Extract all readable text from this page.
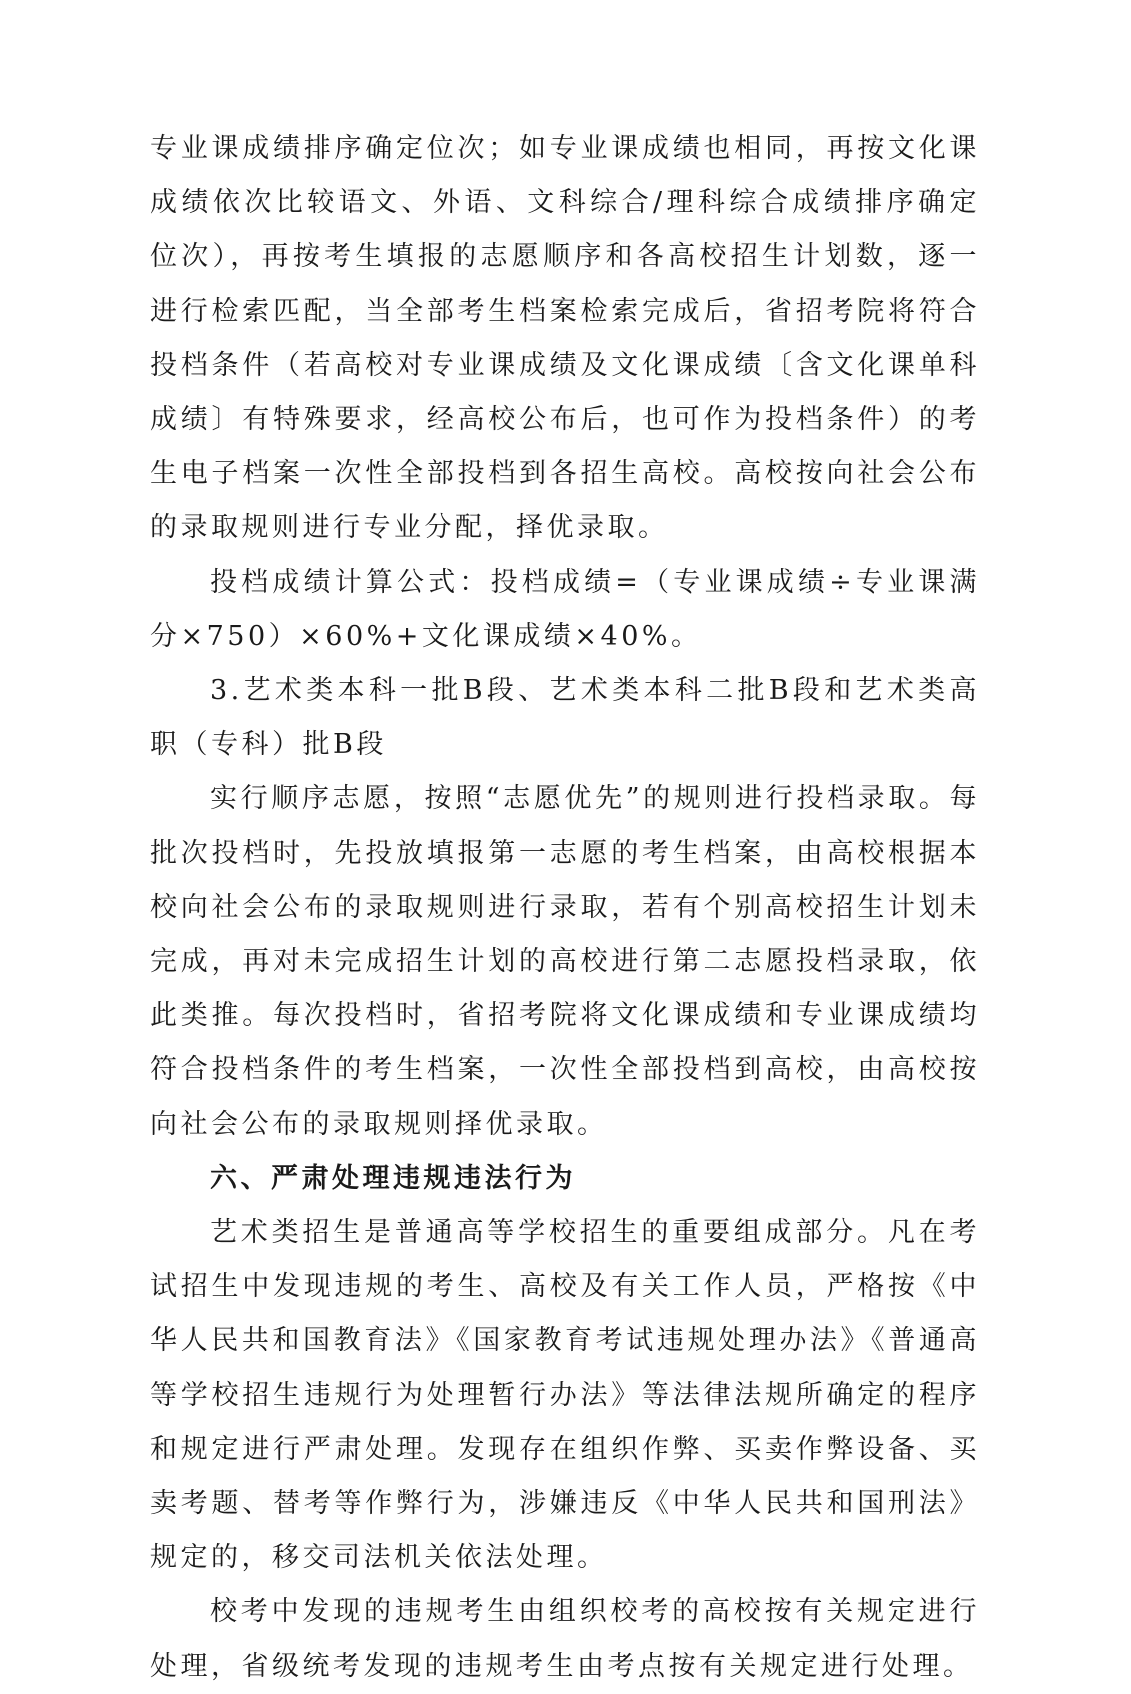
专业课成绩排序确定位次；如专业课成绩也相同，再按文化课成绩依次比较语文、外语、文科综合/理科综合成绩排序确定位次），再按考生填报的志愿顺序和各高校招生计划数，逐一进行检索匹配，当全部考生档案检索完成后，省招考院将符合投档条件（若高校对专业课成绩及文化课成绩〔含文化课单科成绩〕有特殊要求，经高校公布后，也可作为投档条件）的考生电子档案一次性全部投档到各招生高校。高校按向社会公布的录取规则进行专业分配，择优录取。

投档成绩计算公式：投档成绩=（专业课成绩÷专业课满分×750）×60%+文化课成绩×40%。

3.艺术类本科一批B段、艺术类本科二批B段和艺术类高职（专科）批B段

实行顺序志愿，按照“志愿优先”的规则进行投档录取。每批次投档时，先投放填报第一志愿的考生档案，由高校根据本校向社会公布的录取规则进行录取，若有个别高校招生计划未完成，再对未完成招生计划的高校进行第二志愿投档录取，依此类推。每次投档时，省招考院将文化课成绩和专业课成绩均符合投档条件的考生档案，一次性全部投档到高校，由高校按向社会公布的录取规则择优录取。

六、严肃处理违规违法行为

艺术类招生是普通高等学校招生的重要组成部分。凡在考试招生中发现违规的考生、高校及有关工作人员，严格按《中华人民共和国教育法》《国家教育考试违规处理办法》《普通高等学校招生违规行为处理暂行办法》等法律法规所确定的程序和规定进行严肃处理。发现存在组织作弊、买卖作弊设备、买卖考题、替考等作弊行为，涉嫌违反《中华人民共和国刑法》规定的，移交司法机关依法处理。

校考中发现的违规考生由组织校考的高校按有关规定进行处理，省级统考发现的违规考生由考点按有关规定进行处理。
